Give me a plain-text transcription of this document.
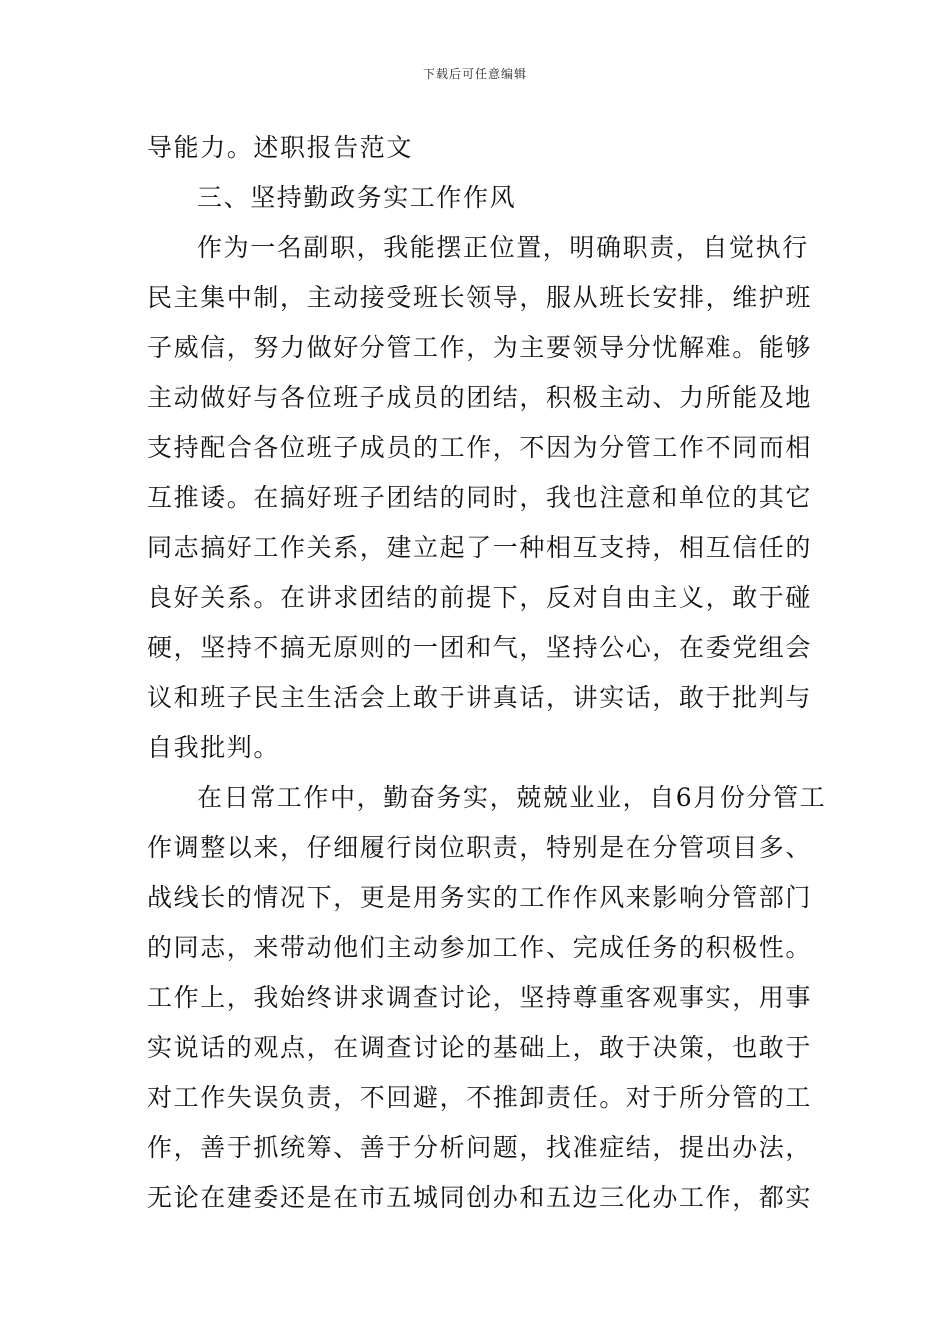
下载后可任意编辑
导能力。述职报告范文
三、坚持勤政务实工作作风
作为一名副职，我能摆正位置，明确职责，自觉执行
民主集中制，主动接受班长领导，服从班长安排，维护班
子威信，努力做好分管工作，为主要领导分忧解难。能够
主动做好与各位班子成员的团结，积极主动、力所能及地
支持配合各位班子成员的工作，不因为分管工作不同而相
互推诿。在搞好班子团结的同时，我也注意和单位的其它
同志搞好工作关系，建立起了一种相互支持，相互信任的
良好关系。在讲求团结的前提下，反对自由主义，敢于碰
硬，坚持不搞无原则的一团和气，坚持公心，在委党组会
议和班子民主生活会上敢于讲真话，讲实话，敢于批判与
自我批判。
在日常工作中，勤奋务实，兢兢业业，自6月份分管工
作调整以来，仔细履行岗位职责，特别是在分管项目多、
战线长的情况下，更是用务实的工作作风来影响分管部门
的同志，来带动他们主动参加工作、完成任务的积极性。
工作上，我始终讲求调查讨论，坚持尊重客观事实，用事
实说话的观点，在调查讨论的基础上，敢于决策，也敢于
对工作失误负责，不回避，不推卸责任。对于所分管的工
作，善于抓统筹、善于分析问题，找准症结，提出办法，
无论在建委还是在市五城同创办和五边三化办工作，都实
